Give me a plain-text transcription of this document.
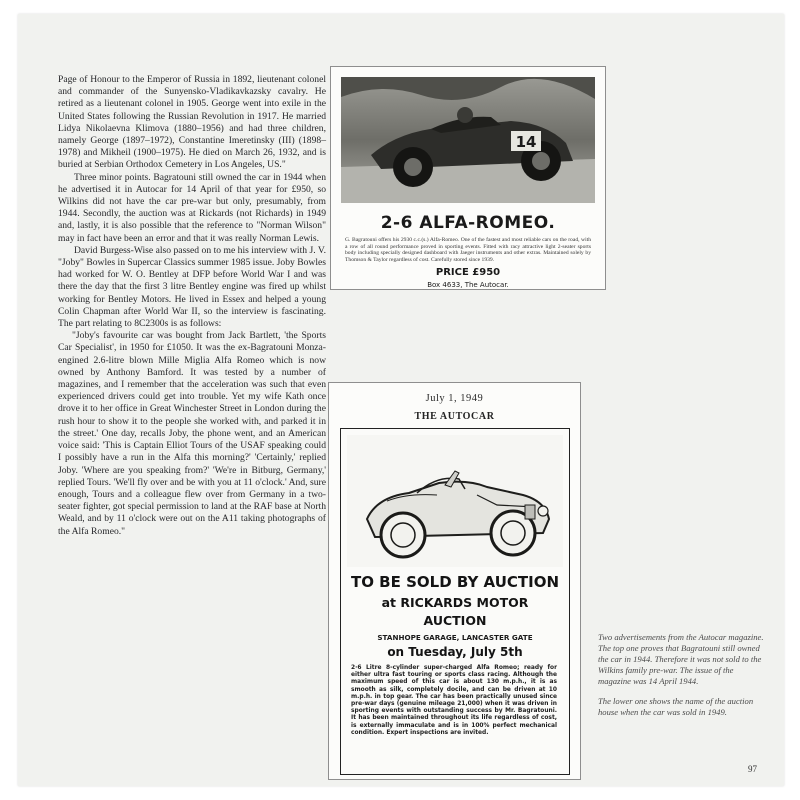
Page of Honour to the Emperor of Russia in 1892, lieutenant colonel and commander of the Sunyensko-Vladikavkazsky cavalry. He retired as a lieutenant colonel in 1905. George went into exile in the United States following the Russian Revolution in 1917. He married Lidya Nikolaevna Klimova (1880–1956) and had three children, namely George (1897–1972), Constantine Imeretinsky (III) (1898–1978) and Mikheil (1900–1975). He died on March 26, 1932, and is buried at Serbian Orthodox Cemetery in Los Angeles, US."

Three minor points. Bagratouni still owned the car in 1944 when he advertised it in Autocar for 14 April of that year for £950, so Wilkins did not have the car pre-war but only, presumably, from 1944. Secondly, the auction was at Rickards (not Richards) in 1949 and, lastly, it is also possible that the reference to "Norman Wilson" may in fact have been an error and that it was really Norman Lewis.

David Burgess-Wise also passed on to me his interview with J. V. "Joby" Bowles in Supercar Classics summer 1985 issue. Joby Bowles had worked for W. O. Bentley at DFP before World War I and was there the day that the first 3 litre Bentley engine was fired up whilst working for Bentley Motors. He lived in Essex and helped a young Colin Chapman after World War II, so the interview is fascinating. The part relating to 8C2300s is as follows:

"Joby's favourite car was bought from Jack Bartlett, 'the Sports Car Specialist', in 1950 for £1050. It was the ex-Bagratouni Monza-engined 2.6-litre blown Mille Miglia Alfa Romeo which is now owned by Anthony Bamford. It was tested by a number of magazines, and I remember that the acceleration was such that even experienced drivers could get into trouble. Yet my wife Kath once drove it to her office in Great Winchester Street in London during the rush hour to show it to the people she worked with, and parked it in the street.' One day, recalls Joby, the phone went, and an American voice said: 'This is Captain Elliot Tours of the USAF speaking could I possibly have a run in the Alfa this morning?' 'Certainly,' replied Joby. 'Where are you speaking from?' 'We're in Bitburg, Germany,' replied Tours. 'We'll fly over and be with you at 11 o'clock.' And, sure enough, Tours and a colleague flew over from Germany in a two-seater fighter, got special permission to land at the RAF base at North Weald, and by 11 o'clock were out on the A11 taking photographs of the Alfa Romeo."

14
2-6 ALFA-ROMEO.
G. Bagratouni offers his 2930 c.c.(s.) Alfa-Romeo. One of the fastest and most reliable cars on the road, with a row of all round performance proved in sporting events. Fitted with racy attractive light 2-seater sports body including specially designed dashboard with Jaeger instruments and other extras. Maintained solely by Thomson & Taylor regardless of cost. Carefully stored since 1939.
PRICE £950
Box 4633, The Autocar.
July 1, 1949
THE AUTOCAR
TO BE SOLD BY AUCTION
at RICKARDS MOTOR
AUCTION
STANHOPE GARAGE, LANCASTER GATE
on Tuesday, July 5th
2·6 Litre 8-cylinder super-charged Alfa Romeo; ready for either ultra fast touring or sports class racing. Although the maximum speed of this car is about 130 m.p.h., it is as smooth as silk, completely docile, and can be driven at 10 m.p.h. in top gear. The car has been practically unused since pre-war days (genuine mileage 21,000) when it was driven in sporting events with outstanding success by Mr. Bagratouni. It has been maintained throughout its life regardless of cost, is externally immaculate and is in 100% perfect mechanical condition. Expert inspections are invited.

Two advertisements from the Autocar magazine. The top one proves that Bagratouni still owned the car in 1944. Therefore it was not sold to the Wilkins family pre-war. The issue of the magazine was 14 April 1944.

The lower one shows the name of the auction house when the car was sold in 1949.

97
